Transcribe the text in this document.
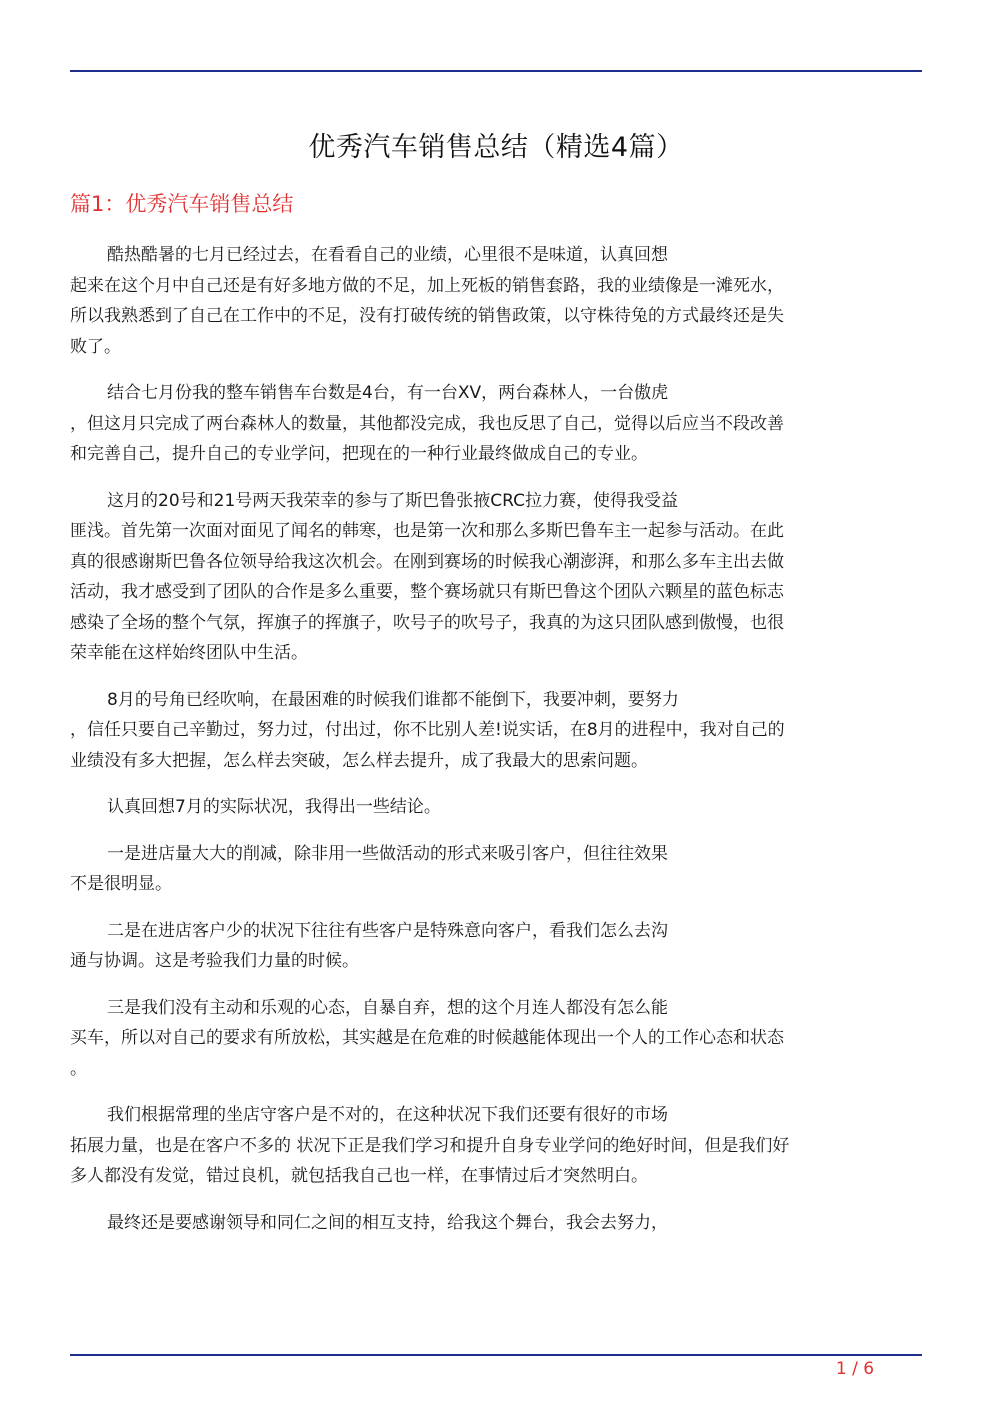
优秀汽车销售总结（精选4篇）
篇1：优秀汽车销售总结

酷热酷暑的七月已经过去，在看看自己的业绩，心里很不是味道，认真回想
起来在这个月中自己还是有好多地方做的不足，加上死板的销售套路，我的业绩像是一滩死水，
所以我熟悉到了自己在工作中的不足，没有打破传统的销售政策，以守株待兔的方式最终还是失
败了。

结合七月份我的整车销售车台数是4台，有一台XV，两台森林人，一台傲虎
，但这月只完成了两台森林人的数量，其他都没完成，我也反思了自己，觉得以后应当不段改善
和完善自己，提升自己的专业学问，把现在的一种行业最终做成自己的专业。

这月的20号和21号两天我荣幸的参与了斯巴鲁张掖CRC拉力赛，使得我受益
匪浅。首先第一次面对面见了闻名的韩寒，也是第一次和那么多斯巴鲁车主一起参与活动。在此
真的很感谢斯巴鲁各位领导给我这次机会。在刚到赛场的时候我心潮澎湃，和那么多车主出去做
活动，我才感受到了团队的合作是多么重要，整个赛场就只有斯巴鲁这个团队六颗星的蓝色标志
感染了全场的整个气氛，挥旗子的挥旗子，吹号子的吹号子，我真的为这只团队感到傲慢，也很
荣幸能在这样始终团队中生活。

8月的号角已经吹响，在最困难的时候我们谁都不能倒下，我要冲刺，要努力
，信任只要自己辛勤过，努力过，付出过，你不比别人差!说实话，在8月的进程中，我对自己的
业绩没有多大把握，怎么样去突破，怎么样去提升，成了我最大的思索问题。

认真回想7月的实际状况，我得出一些结论。

一是进店量大大的削减，除非用一些做活动的形式来吸引客户，但往往效果
不是很明显。

二是在进店客户少的状况下往往有些客户是特殊意向客户，看我们怎么去沟
通与协调。这是考验我们力量的时候。

三是我们没有主动和乐观的心态，自暴自弃，想的这个月连人都没有怎么能
买车，所以对自己的要求有所放松，其实越是在危难的时候越能体现出一个人的工作心态和状态
。

我们根据常理的坐店守客户是不对的，在这种状况下我们还要有很好的市场
拓展力量，也是在客户不多的 状况下正是我们学习和提升自身专业学问的绝好时间，但是我们好
多人都没有发觉，错过良机，就包括我自己也一样，在事情过后才突然明白。

最终还是要感谢领导和同仁之间的相互支持，给我这个舞台，我会去努力，

1 / 6
